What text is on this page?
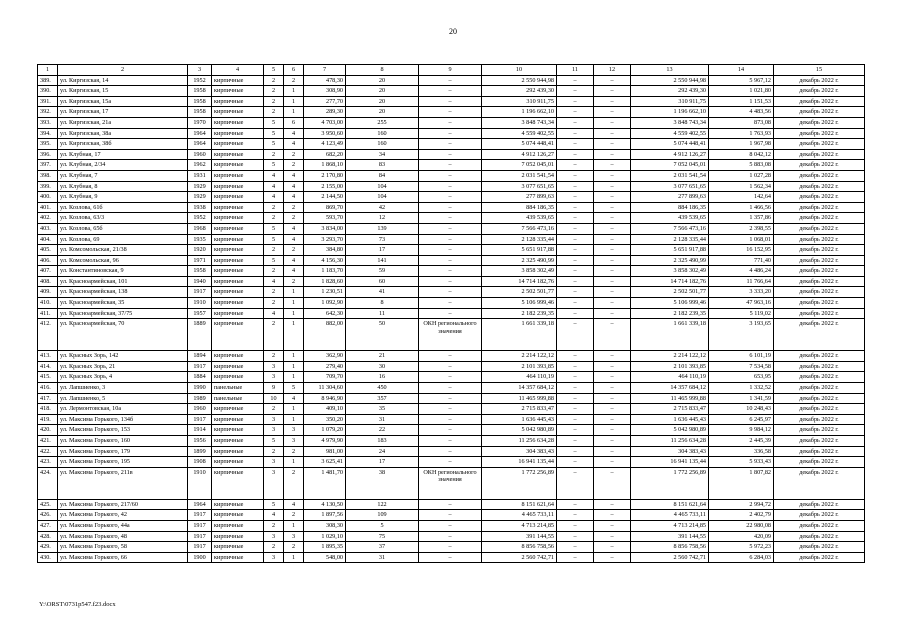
20
1	2	3	4	5	6	7	8	9	10	11	12	13	14	15
389.	ул. Киргизская, 14	1952	кирпичные	2	2	478,30	20	–	2 550 944,98	–	–	2 550 944,98	5 967,12	декабрь 2022 г.
390.	ул. Киргизская, 15	1958	кирпичные	2	1	308,90	20	–	292 439,30	–	–	292 439,30	1 021,80	декабрь 2022 г.
391.	ул. Киргизская, 15а	1958	кирпичные	2	1	277,70	20	–	310 911,75	–	–	310 911,75	1 151,53	декабрь 2022 г.
392.	ул. Киргизская, 17	1958	кирпичные	2	1	289,30	20	–	1 196 662,10	–	–	1 196 662,10	4 483,56	декабрь 2022 г.
393.	ул. Киргизская, 21а	1970	кирпичные	5	6	4 703,00	255	–	3 848 743,34	–	–	3 848 743,34	873,08	декабрь 2022 г.
394.	ул. Киргизская, 38а	1964	кирпичные	5	4	3 950,60	160	–	4 559 402,55	–	–	4 559 402,55	1 763,93	декабрь 2022 г.
395.	ул. Киргизская, 38б	1964	кирпичные	5	4	4 123,49	160	–	5 074 448,41	–	–	5 074 448,41	1 967,98	декабрь 2022 г.
396.	ул. Клубная, 17	1960	кирпичные	2	2	682,20	34	–	4 912 126,27	–	–	4 912 126,27	8 042,12	декабрь 2022 г.
397.	ул. Клубная, 2/34	1962	кирпичные	5	2	1 868,10	83	–	7 052 045,01	–	–	7 052 045,01	5 883,08	декабрь 2022 г.
398.	ул. Клубная, 7	1931	кирпичные	4	4	2 170,80	84	–	2 031 541,54	–	–	2 031 541,54	1 027,28	декабрь 2022 г.
399.	ул. Клубная, 8	1929	кирпичные	4	4	2 155,00	104	–	3 077 651,65	–	–	3 077 651,65	1 562,34	декабрь 2022 г.
400.	ул. Клубная, 9	1929	кирпичные	4	4	2 144,50	104	–	277 899,63	–	–	277 899,63	142,64	декабрь 2022 г.
401.	ул. Козлова, 61б	1938	кирпичные	2	2	869,70	42	–	884 186,35	–	–	884 186,35	1 466,56	декабрь 2022 г.
402.	ул. Козлова, 63/3	1952	кирпичные	2	2	593,70	12	–	439 539,65	–	–	439 539,65	1 357,86	декабрь 2022 г.
403.	ул. Козлова, 65б	1968	кирпичные	5	4	3 834,00	139	–	7 566 473,16	–	–	7 566 473,16	2 398,55	декабрь 2022 г.
404.	ул. Козлова, 69	1935	кирпичные	5	4	3 293,70	73	–	2 128 335,44	–	–	2 128 335,44	1 068,01	декабрь 2022 г.
405.	ул. Комсомольская, 21/38	1920	кирпичные	2	2	384,80	17	–	5 651 917,88	–	–	5 651 917,88	16 152,95	декабрь 2022 г.
406.	ул. Комсомольская, 96	1971	кирпичные	5	4	4 156,30	141	–	2 325 490,99	–	–	2 325 490,99	771,40	декабрь 2022 г.
407.	ул. Константиновская, 9	1958	кирпичные	2	4	1 183,70	59	–	3 858 302,49	–	–	3 858 302,49	4 486,24	декабрь 2022 г.
408.	ул. Красноармейская, 101	1940	кирпичные	4	2	1 828,60	60	–	14 714 182,76	–	–	14 714 182,76	11 766,64	декабрь 2022 г.
409.	ул. Красноармейская, 138	1917	кирпичные	2	1	1 230,51	41	–	2 502 501,77	–	–	2 502 501,77	3 333,20	декабрь 2022 г.
410.	ул. Красноармейская, 35	1910	кирпичные	2	1	1 092,90	8	–	5 106 999,46	–	–	5 106 999,46	47 963,16	декабрь 2022 г.
411.	ул. Красноармейская, 37/75	1957	кирпичные	4	1	642,30	11	–	2 182 239,35	–	–	2 182 239,35	5 119,02	декабрь 2022 г.
412.	ул. Красноармейская, 70	1889	кирпичные	2	1	882,00	50	ОКН регионального значения	1 661 339,18	–	–	1 661 339,18	3 193,65	декабрь 2022 г.
413.	ул. Красных Зорь, 142	1894	кирпичные	2	1	362,90	21	–	2 214 122,12	–	–	2 214 122,12	6 101,19	декабрь 2022 г.
414.	ул. Красных Зорь, 21	1917	кирпичные	3	1	279,40	30	–	2 101 393,85	–	–	2 101 393,85	7 534,58	декабрь 2022 г.
415.	ул. Красных Зорь, 4	1884	кирпичные	3	1	709,70	16	–	464 110,19	–	–	464 110,19	653,95	декабрь 2022 г.
416.	ул. Лапшиенко, 3	1990	панельные	9	5	11 304,60	450	–	14 357 684,12	–	–	14 357 684,12	1 332,52	декабрь 2022 г.
417.	ул. Лапшиенко, 5	1989	панельные	10	4	8 946,90	357	–	11 465 999,88	–	–	11 465 999,88	1 341,59	декабрь 2022 г.
418.	ул. Лермонтовская, 10а	1960	кирпичные	2	1	409,10	35	–	2 715 833,47	–	–	2 715 833,47	10 248,43	декабрь 2022 г.
419.	ул. Максима Горького, 134б	1917	кирпичные	3	1	350,20	31	–	1 636 445,43	–	–	1 636 445,43	6 245,97	декабрь 2022 г.
420.	ул. Максима Горького, 153	1914	кирпичные	3	3	1 079,20	22	–	5 042 980,89	–	–	5 042 980,89	9 984,12	декабрь 2022 г.
421.	ул. Максима Горького, 160	1956	кирпичные	5	3	4 979,90	183	–	11 256 634,28	–	–	11 256 634,28	2 445,39	декабрь 2022 г.
422.	ул. Максима Горького, 179	1899	кирпичные	2	2	981,00	24	–	304 383,43	–	–	304 383,43	336,58	декабрь 2022 г.
423.	ул. Максима Горького, 195	1908	кирпичные	3	1	3 625,41	17	–	16 941 135,44	–	–	16 941 135,44	5 933,43	декабрь 2022 г.
424.	ул. Максима Горького, 211в	1910	кирпичные	3	2	1 481,70	38	ОКН регионального значения	1 772 256,89	–	–	1 772 256,89	1 807,82	декабрь 2022 г.
425.	ул. Максима Горького, 217/60	1964	кирпичные	5	4	4 130,50	122	–	8 151 621,64	–	–	8 151 621,64	2 994,72	декабрь 2022 г.
426.	ул. Максима Горького, 42	1917	кирпичные	4	2	1 897,56	109	–	4 465 733,11	–	–	4 465 733,11	2 402,79	декабрь 2022 г.
427.	ул. Максима Горького, 44а	1917	кирпичные	2	1	308,30	5	–	4 713 214,85	–	–	4 713 214,85	22 980,08	декабрь 2022 г.
428.	ул. Максима Горького, 48	1917	кирпичные	3	3	1 029,10	75	–	391 144,55	–	–	391 144,55	420,09	декабрь 2022 г.
429.	ул. Максима Горького, 58	1917	кирпичные	2	2	1 895,35	37	–	8 856 758,56	–	–	8 856 758,56	5 972,23	декабрь 2022 г.
430.	ул. Максима Горького, 66	1900	кирпичные	3	1	548,00	31	–	2 560 742,71	–	–	2 560 742,71	6 284,03	декабрь 2022 г.
Y:\ORST\0731p547.f23.docx
